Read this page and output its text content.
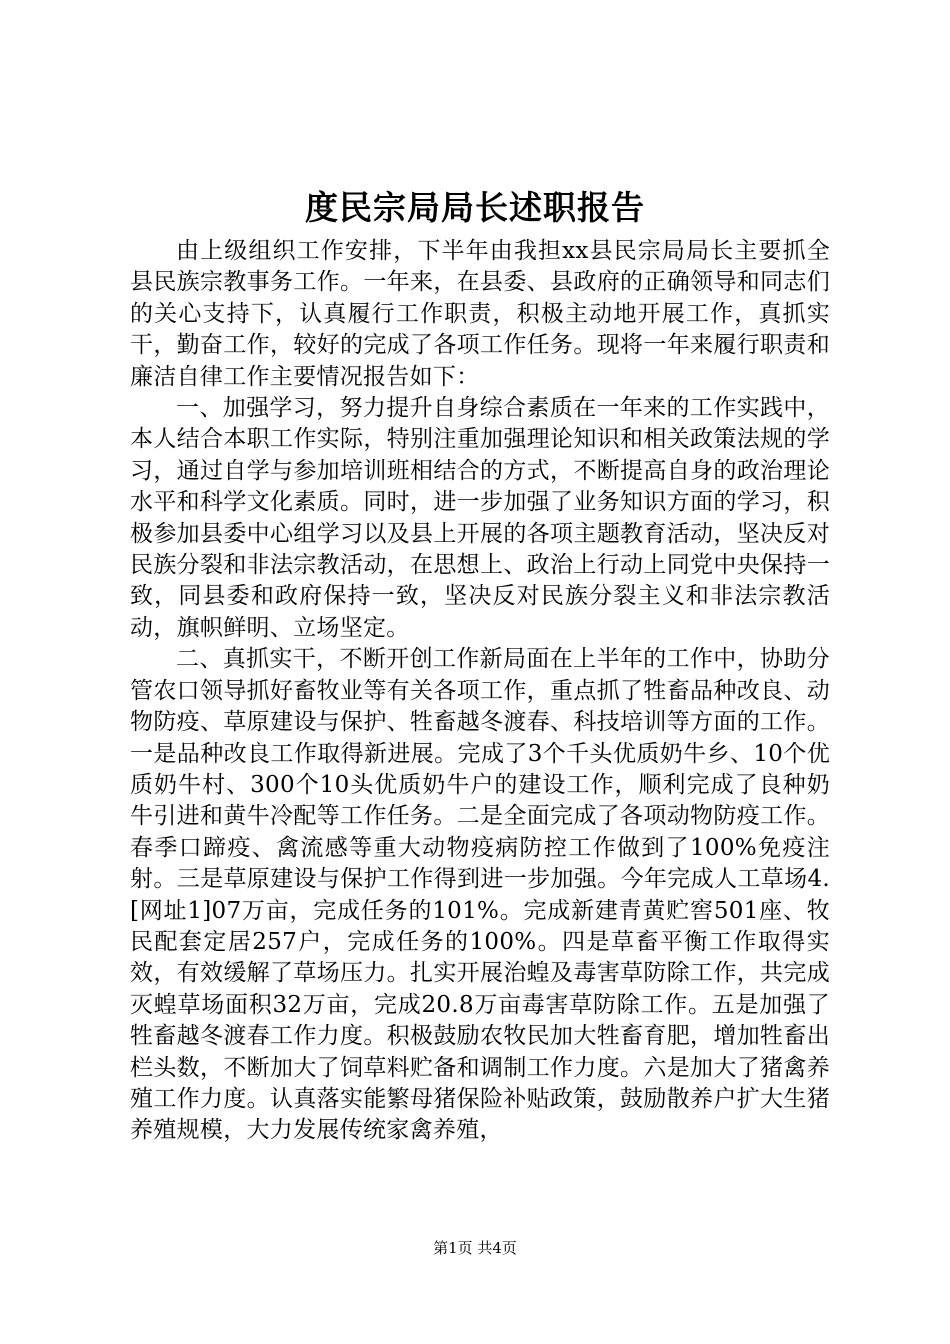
度民宗局局长述职报告

由上级组织工作安排，下半年由我担xx县民宗局局长主要抓全县民族宗教事务工作。一年来，在县委、县政府的正确领导和同志们的关心支持下，认真履行工作职责，积极主动地开展工作，真抓实干，勤奋工作，较好的完成了各项工作任务。现将一年来履行职责和廉洁自律工作主要情况报告如下：

一、加强学习，努力提升自身综合素质在一年来的工作实践中，本人结合本职工作实际，特别注重加强理论知识和相关政策法规的学习，通过自学与参加培训班相结合的方式，不断提高自身的政治理论水平和科学文化素质。同时，进一步加强了业务知识方面的学习，积极参加县委中心组学习以及县上开展的各项主题教育活动，坚决反对民族分裂和非法宗教活动，在思想上、政治上行动上同党中央保持一致，同县委和政府保持一致，坚决反对民族分裂主义和非法宗教活动，旗帜鲜明、立场坚定。

二、真抓实干，不断开创工作新局面在上半年的工作中，协助分管农口领导抓好畜牧业等有关各项工作，重点抓了牲畜品种改良、动物防疫、草原建设与保护、牲畜越冬渡春、科技培训等方面的工作。一是品种改良工作取得新进展。完成了3个千头优质奶牛乡、10个优质奶牛村、300个10头优质奶牛户的建设工作，顺利完成了良种奶牛引进和黄牛冷配等工作任务。二是全面完成了各项动物防疫工作。春季口蹄疫、禽流感等重大动物疫病防控工作做到了100%免疫注射。三是草原建设与保护工作得到进一步加强。今年完成人工草场4.[网址1]07万亩，完成任务的101%。完成新建青黄贮窖501座、牧民配套定居257户，完成任务的100%。四是草畜平衡工作取得实效，有效缓解了草场压力。扎实开展治蝗及毒害草防除工作，共完成灭蝗草场面积32万亩，完成20.8万亩毒害草防除工作。五是加强了牲畜越冬渡春工作力度。积极鼓励农牧民加大牲畜育肥，增加牲畜出栏头数，不断加大了饲草料贮备和调制工作力度。六是加大了猪禽养殖工作力度。认真落实能繁母猪保险补贴政策，鼓励散养户扩大生猪养殖规模，大力发展传统家禽养殖，

第1页 共4页
